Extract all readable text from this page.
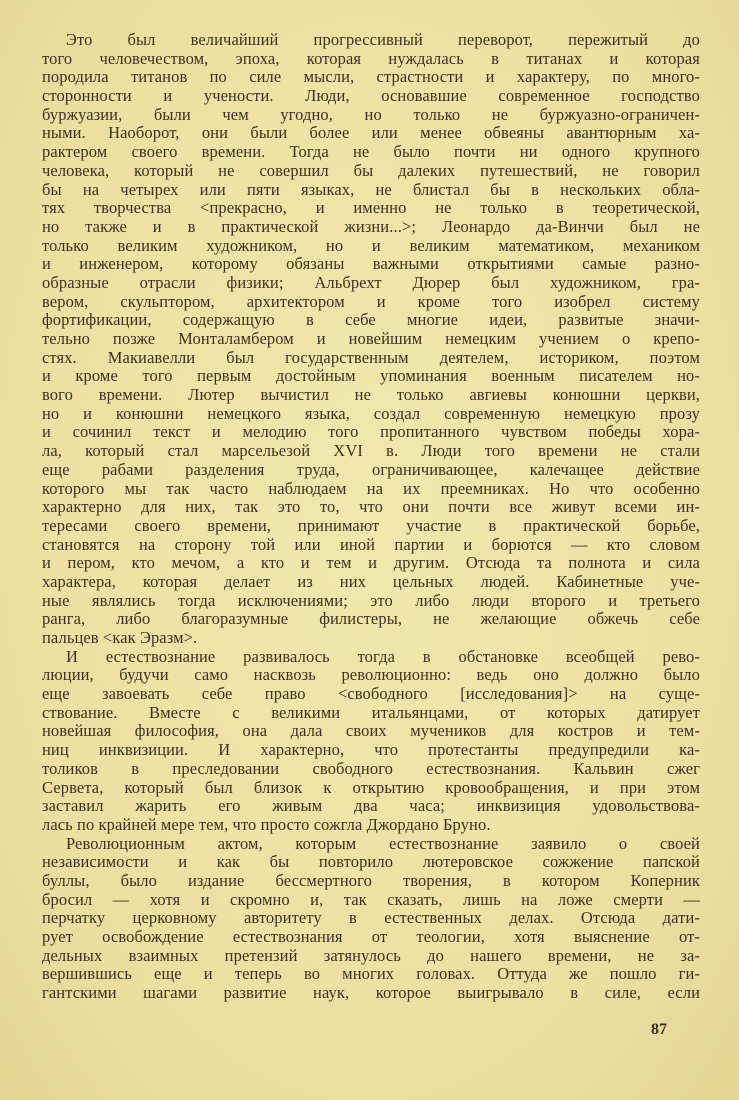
Это был величайший прогрессивный переворот, пережитый до
того человечеством, эпоха, которая нуждалась в титанах и которая
породила титанов по силе мысли, страстности и характеру, по много-
сторонности и учености. Люди, основавшие современное господство
буржуазии, были чем угодно, но только не буржуазно-ограничен-
ными. Наоборот, они были более или менее обвеяны авантюрным ха-
рактером своего времени. Тогда не было почти ни одного крупного
человека, который не совершил бы далеких путешествий, не говорил
бы на четырех или пяти языках, не блистал бы в нескольких обла-
тях творчества <прекрасно, и именно не только в теоретической,
но также и в практической жизни...>; Леонардо да-Винчи был не
только великим художником, но и великим математиком, механиком
и инженером, которому обязаны важными открытиями самые разно-
образные отрасли физики; Альбрехт Дюрер был художником, гра-
вером, скульптором, архитектором и кроме того изобрел систему
фортификации, содержащую в себе многие идеи, развитые значи-
тельно позже Монталамбером и новейшим немецким учением о крепо-
стях. Макиавелли был государственным деятелем, историком, поэтом
и кроме того первым достойным упоминания военным писателем но-
вого времени. Лютер вычистил не только авгиевы конюшни церкви,
но и конюшни немецкого языка, создал современную немецкую прозу
и сочинил текст и мелодию того пропитанного чувством победы хора-
ла, который стал марсельезой XVI в. Люди того времени не стали
еще рабами разделения труда, ограничивающее, калечащее действие
которого мы так часто наблюдаем на их преемниках. Но что особенно
характерно для них, так это то, что они почти все живут всеми ин-
тересами своего времени, принимают участие в практической борьбе,
становятся на сторону той или иной партии и борются — кто словом
и пером, кто мечом, а кто и тем и другим. Отсюда та полнота и сила
характера, которая делает из них цельных людей. Кабинетные уче-
ные являлись тогда исключениями; это либо люди второго и третьего
ранга, либо благоразумные филистеры, не желающие обжечь себе
пальцев <как Эразм>.
И естествознание развивалось тогда в обстановке всеобщей рево-
люции, будучи само насквозь революционно: ведь оно должно было
еще завоевать себе право <свободного [исследования]> на суще-
ствование. Вместе с великими итальянцами, от которых датирует
новейшая философия, она дала своих мучеников для костров и тем-
ниц инквизиции. И характерно, что протестанты предупредили ка-
толиков в преследовании свободного естествознания. Кальвин сжег
Сервета, который был близок к открытию кровообращения, и при этом
заставил жарить его живым два часа; инквизиция удовольствова-
лась по крайней мере тем, что просто сожгла Джордано Бруно.
Революционным актом, которым естествознание заявило о своей
независимости и как бы повторило лютеровское сожжение папской
буллы, было издание бессмертного творения, в котором Коперник
бросил — хотя и скромно и, так сказать, лишь на ложе смерти —
перчатку церковному авторитету в естественных делах. Отсюда дати-
рует освобождение естествознания от теологии, хотя выяснение от-
дельных взаимных претензий затянулось до нашего времени, не за-
вершившись еще и теперь во многих головах. Оттуда же пошло ги-
гантскими шагами развитие наук, которое выигрывало в силе, если
87
